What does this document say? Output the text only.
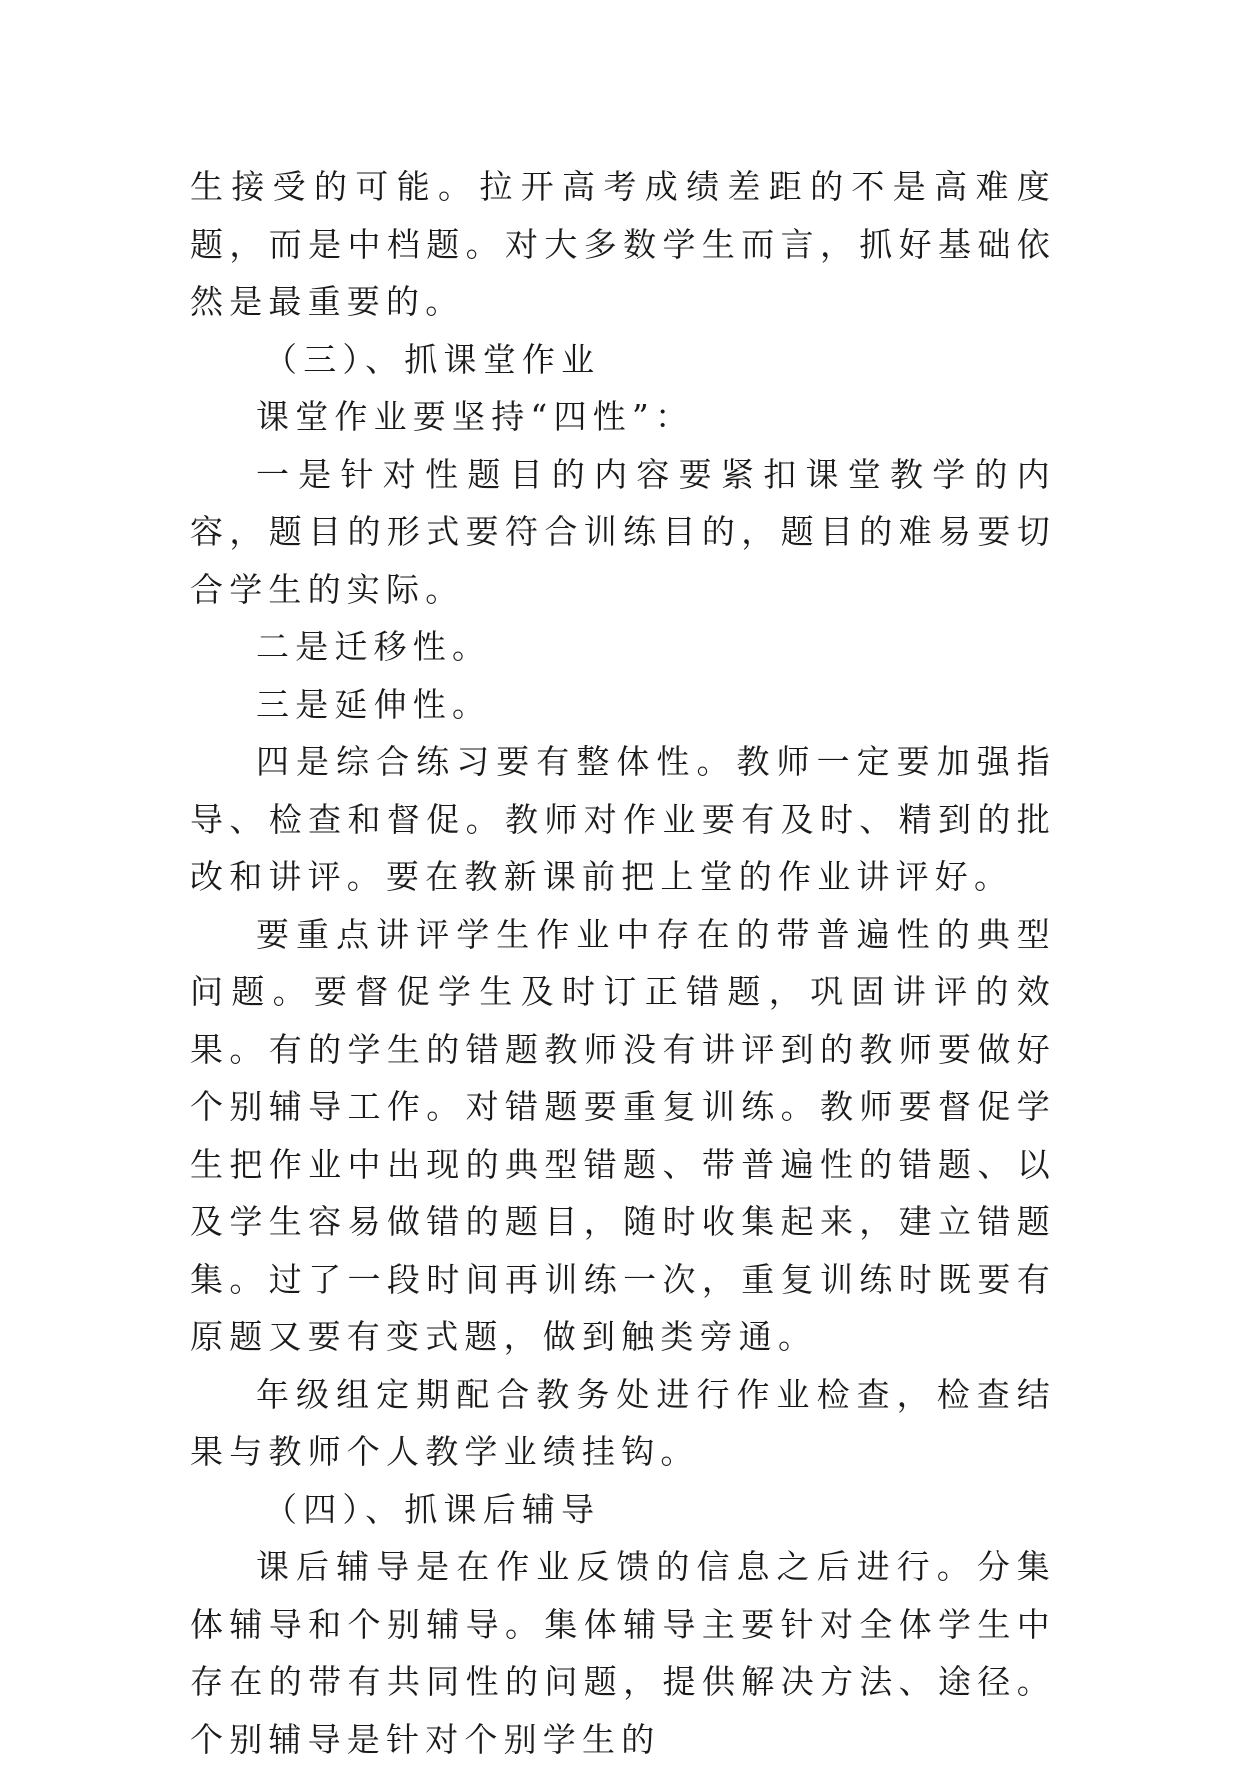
生接受的可能。拉开高考成绩差距的不是高难度题，而是中档题。对大多数学生而言，抓好基础依然是最重要的。

（三）、抓课堂作业

课堂作业要坚持“四性”：

一是针对性题目的内容要紧扣课堂教学的内容，题目的形式要符合训练目的，题目的难易要切合学生的实际。

二是迁移性。

三是延伸性。

四是综合练习要有整体性。教师一定要加强指导、检查和督促。教师对作业要有及时、精到的批改和讲评。要在教新课前把上堂的作业讲评好。

要重点讲评学生作业中存在的带普遍性的典型问题。要督促学生及时订正错题，巩固讲评的效果。有的学生的错题教师没有讲评到的教师要做好个别辅导工作。对错题要重复训练。教师要督促学生把作业中出现的典型错题、带普遍性的错题、以及学生容易做错的题目，随时收集起来，建立错题集。过了一段时间再训练一次，重复训练时既要有原题又要有变式题，做到触类旁通。

年级组定期配合教务处进行作业检查，检查结果与教师个人教学业绩挂钩。

（四）、抓课后辅导

课后辅导是在作业反馈的信息之后进行。分集体辅导和个别辅导。集体辅导主要针对全体学生中存在的带有共同性的问题，提供解决方法、途径。个别辅导是针对个别学生的
